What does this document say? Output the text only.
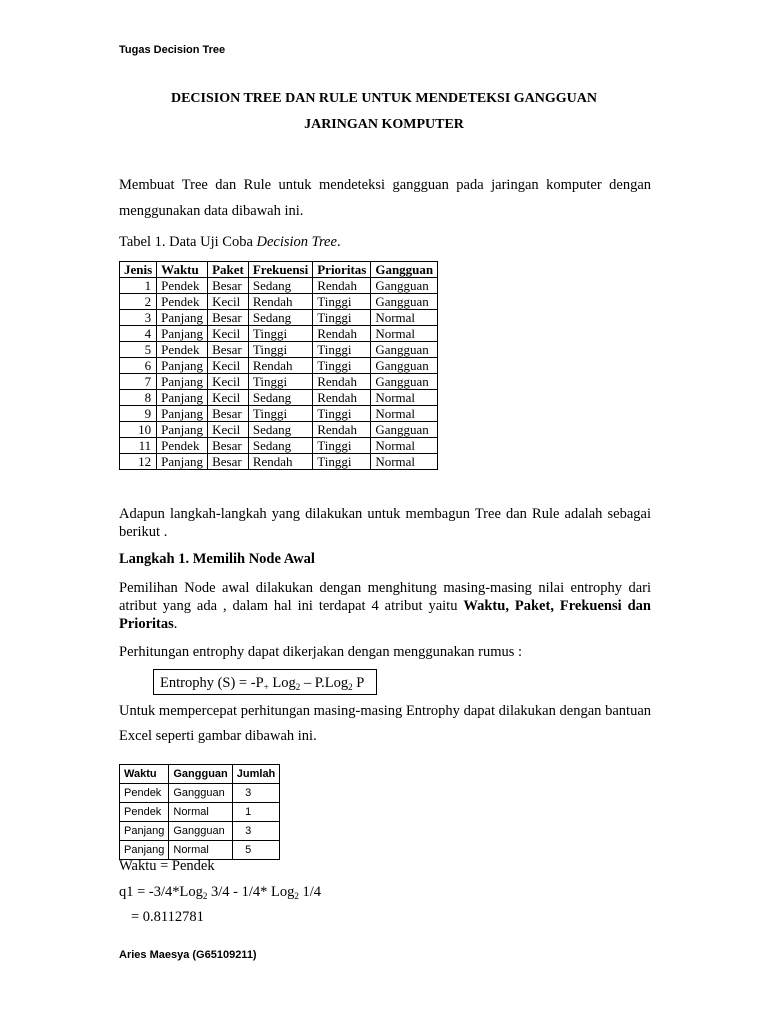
Tugas Decision Tree
DECISION TREE DAN RULE UNTUK MENDETEKSI GANGGUAN
JARINGAN KOMPUTER
Membuat Tree dan Rule untuk mendeteksi gangguan pada jaringan komputer dengan menggunakan data dibawah ini.
Tabel 1. Data Uji Coba Decision Tree.
Jenis	Waktu	Paket	Frekuensi	Prioritas	Gangguan
1	Pendek	Besar	Sedang	Rendah	Gangguan
2	Pendek	Kecil	Rendah	Tinggi	Gangguan
3	Panjang	Besar	Sedang	Tinggi	Normal
4	Panjang	Kecil	Tinggi	Rendah	Normal
5	Pendek	Besar	Tinggi	Tinggi	Gangguan
6	Panjang	Kecil	Rendah	Tinggi	Gangguan
7	Panjang	Kecil	Tinggi	Rendah	Gangguan
8	Panjang	Kecil	Sedang	Rendah	Normal
9	Panjang	Besar	Tinggi	Tinggi	Normal
10	Panjang	Kecil	Sedang	Rendah	Gangguan
11	Pendek	Besar	Sedang	Tinggi	Normal
12	Panjang	Besar	Rendah	Tinggi	Normal
Adapun langkah-langkah yang dilakukan untuk membagun Tree dan Rule adalah sebagai berikut .
Langkah 1. Memilih Node Awal
Pemilihan Node awal dilakukan dengan menghitung masing-masing nilai entrophy dari atribut yang ada , dalam hal ini terdapat 4 atribut yaitu Waktu, Paket, Frekuensi dan Prioritas.
Perhitungan entrophy dapat dikerjakan dengan menggunakan rumus :
Entrophy $(S) = -P_+$ Log$_2$ – P.Log$_2$ P
Untuk mempercepat perhitungan masing-masing Entrophy dapat dilakukan dengan bantuan Excel seperti gambar dibawah ini.
Waktu	Gangguan	Jumlah
Pendek	Gangguan	3
Pendek	Normal	1
Panjang	Gangguan	3
Panjang	Normal	5
Waktu = Pendek
q1 = -3/4*Log$_2$ 3/4 - 1/4* Log$_2$ 1/4
= 0.8112781
Aries Maesya (G65109211)
